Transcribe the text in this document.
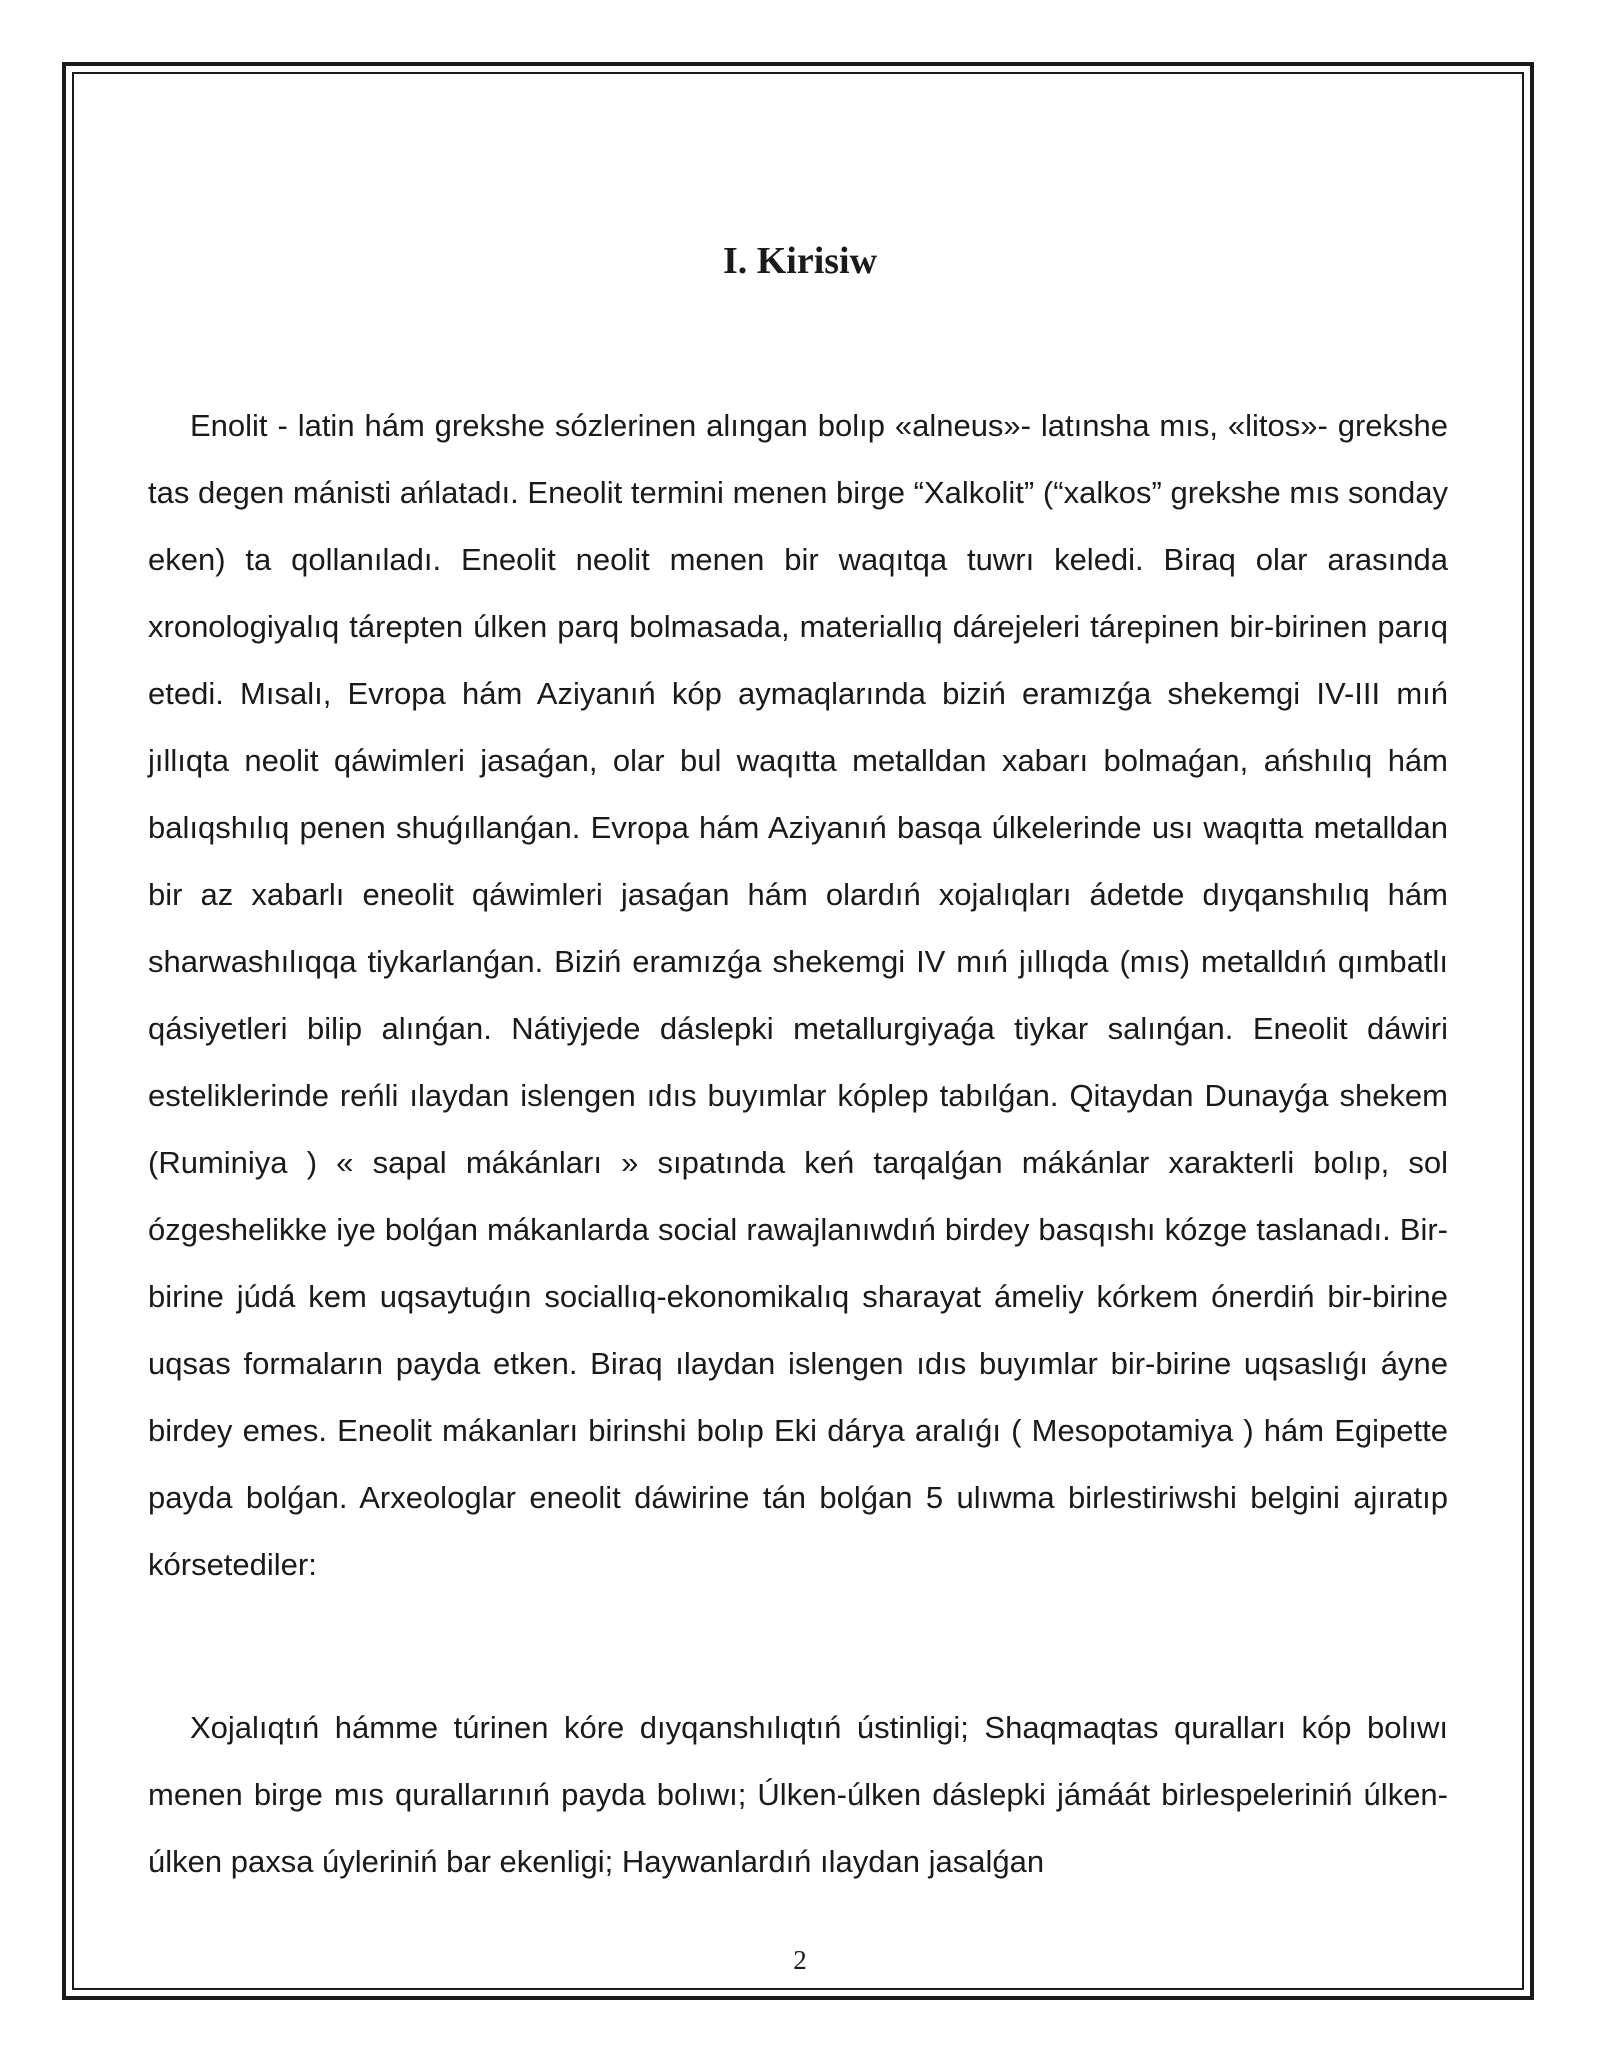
I. Kirisiw

Enolit - latin hám grekshe sózlerinen alıngan bolıp «alneus»- latınsha mıs, «litos»- grekshe tas degen mánisti ańlatadı. Eneolit termini menen birge “Xalkolit” (“xalkos” grekshe mıs sonday eken) ta qollanıladı. Eneolit neolit menen bir waqıtqa tuwrı keledi. Biraq olar arasında xronologiyalıq tárepten úlken parq bolmasada, materiallıq dárejeleri tárepinen bir-birinen parıq etedi. Mısalı, Evropa hám Aziyanıń kóp aymaqlarında biziń eramızǵa shekemgi IV-III mıń jıllıqta neolit qáwimleri jasaǵan, olar bul waqıtta metalldan xabarı bolmaǵan, ańshılıq hám balıqshılıq penen shuǵıllanǵan. Evropa hám Aziyanıń basqa úlkelerinde usı waqıtta metalldan bir az xabarlı eneolit qáwimleri jasaǵan hám olardıń xojalıqları ádetde dıyqanshılıq hám sharwashılıqqa tiykarlanǵan. Biziń eramızǵa shekemgi IV mıń jıllıqda (mıs) metalldıń qımbatlı qásiyetleri bilip alınǵan. Nátiyjede dáslepki metallurgiyaǵa tiykar salınǵan. Eneolit dáwiri esteliklerinde reńli ılaydan islengen ıdıs buyımlar kóplep tabılǵan. Qitaydan Dunayǵa shekem (Ruminiya ) « sapal mákánları » sıpatında keń tarqalǵan mákánlar xarakterli bolıp, sol ózgeshelikke iye bolǵan mákanlarda social rawajlanıwdıń birdey basqıshı kózge taslanadı. Bir-birine júdá kem uqsaytuǵın sociallıq-ekonomikalıq sharayat ámeliy kórkem ónerdiń bir-birine uqsas formaların payda etken. Biraq ılaydan islengen ıdıs buyımlar bir-birine uqsaslıǵı áyne birdey emes. Eneolit mákanları birinshi bolıp Eki dárya aralıǵı ( Mesopotamiya ) hám Egipette payda bolǵan. Arxeologlar eneolit dáwirine tán bolǵan 5 ulıwma birlestiriwshi belgini ajıratıp kórsetediler:

Xojalıqtıń hámme túrinen kóre dıyqanshılıqtıń ústinligi; Shaqmaqtas quralları kóp bolıwı menen birge mıs qurallarınıń payda bolıwı; Úlken-úlken dáslepki jámáát birlespeleriniń úlken-úlken paxsa úyleriniń bar ekenligi; Haywanlardıń ılaydan jasalǵan

2
